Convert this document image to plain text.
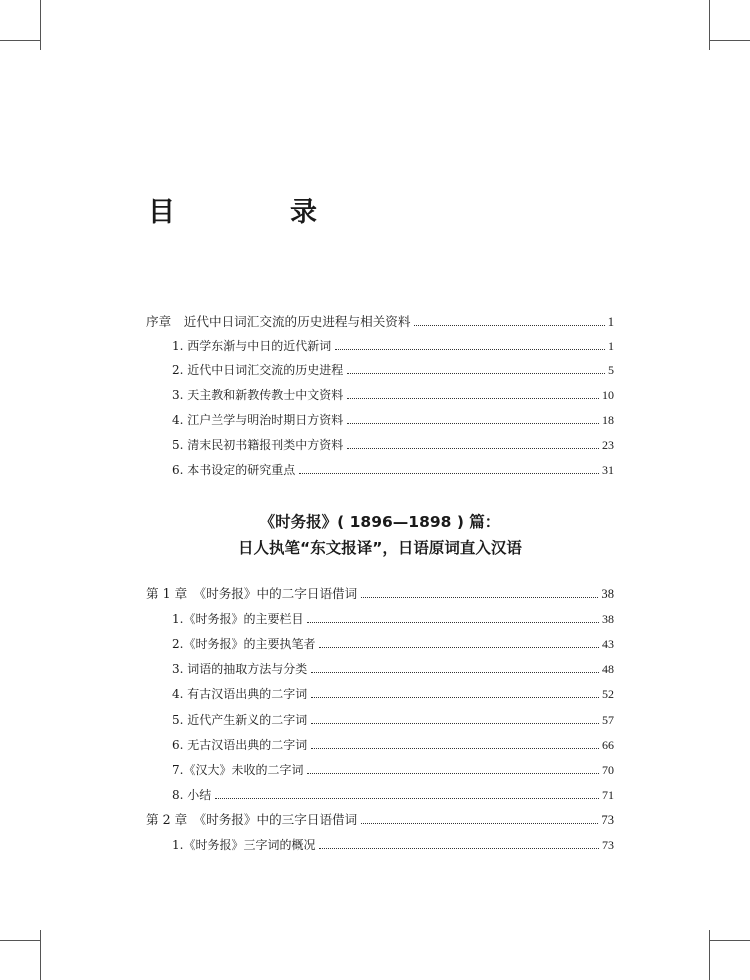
目　录
序章　近代中日词汇交流的历史进程与相关资料	1
1. 西学东渐与中日的近代新词	1
2. 近代中日词汇交流的历史进程	5
3. 天主教和新教传教士中文资料	10
4. 江户兰学与明治时期日方资料	18
5. 清末民初书籍报刊类中方资料	23
6. 本书设定的研究重点	31
《时务报》( 1896—1898 ) 篇：
日人执笔“东文报译”，日语原词直入汉语
第 1 章　《时务报》中的二字日语借词	38
1.《时务报》的主要栏目	38
2.《时务报》的主要执笔者	43
3. 词语的抽取方法与分类	48
4. 有古汉语出典的二字词	52
5. 近代产生新义的二字词	57
6. 无古汉语出典的二字词	66
7.《汉大》未收的二字词	70
8. 小结	71
第 2 章　《时务报》中的三字日语借词	73
1.《时务报》三字词的概况	73
